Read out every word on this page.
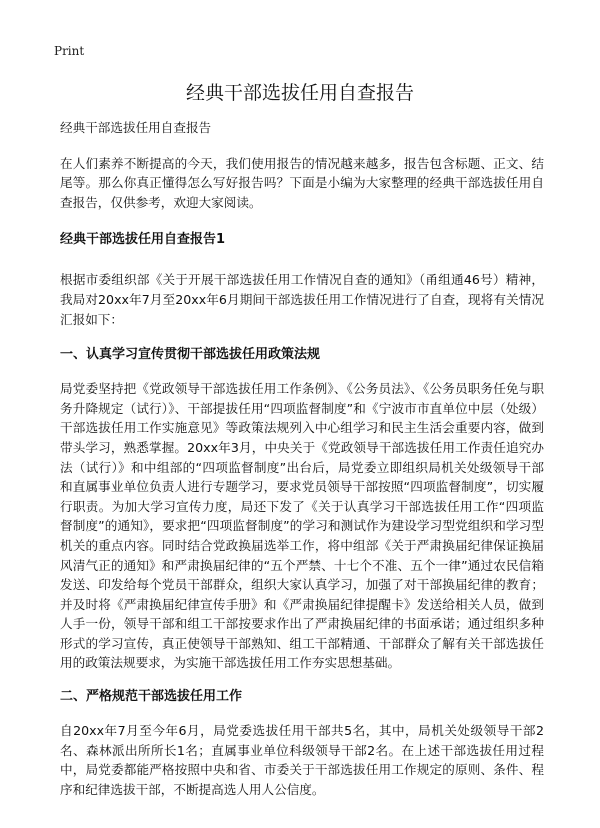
Print
经典干部选拔任用自查报告

经典干部选拔任用自查报告

在人们素养不断提高的今天，我们使用报告的情况越来越多，报告包含标题、正文、结尾等。那么你真正懂得怎么写好报告吗？下面是小编为大家整理的经典干部选拔任用自查报告，仅供参考，欢迎大家阅读。

经典干部选拔任用自查报告1

根据市委组织部《关于开展干部选拔任用工作情况自查的通知》（甬组通46号）精神，我局对20xx年7月至20xx年6月期间干部选拔任用工作情况进行了自查，现将有关情况汇报如下：

一、认真学习宣传贯彻干部选拔任用政策法规

局党委坚持把《党政领导干部选拔任用工作条例》、《公务员法》、《公务员职务任免与职务升降规定（试行）》、干部提拔任用“四项监督制度”和《宁波市市直单位中层（处级）干部选拔任用工作实施意见》等政策法规列入中心组学习和民主生活会重要内容，做到带头学习，熟悉掌握。20xx年3月，中央关于《党政领导干部选拔任用工作责任追究办法（试行）》和中组部的“四项监督制度”出台后，局党委立即组织局机关处级领导干部和直属事业单位负责人进行专题学习，要求党员领导干部按照“四项监督制度”，切实履行职责。为加大学习宣传力度，局还下发了《关于认真学习干部选拔任用工作“四项监督制度”的通知》，要求把“四项监督制度”的学习和测试作为建设学习型党组织和学习型机关的重点内容。同时结合党政换届选举工作，将中组部《关于严肃换届纪律保证换届风清气正的通知》和严肃换届纪律的“五个严禁、十七个不准、五个一律”通过农民信箱发送、印发给每个党员干部群众，组织大家认真学习，加强了对干部换届纪律的教育；并及时将《严肃换届纪律宣传手册》和《严肃换届纪律提醒卡》发送给相关人员，做到人手一份，领导干部和组工干部按要求作出了严肃换届纪律的书面承诺；通过组织多种形式的学习宣传，真正使领导干部熟知、组工干部精通、干部群众了解有关干部选拔任用的政策法规要求，为实施干部选拔任用工作夯实思想基础。

二、严格规范干部选拔任用工作

自20xx年7月至今年6月，局党委选拔任用干部共5名，其中，局机关处级领导干部2名、森林派出所所长1名；直属事业单位科级领导干部2名。在上述干部选拔任用过程中，局党委都能严格按照中央和省、市委关于干部选拔任用工作规定的原则、条件、程序和纪律选拔干部，不断提高选人用人公信度。
